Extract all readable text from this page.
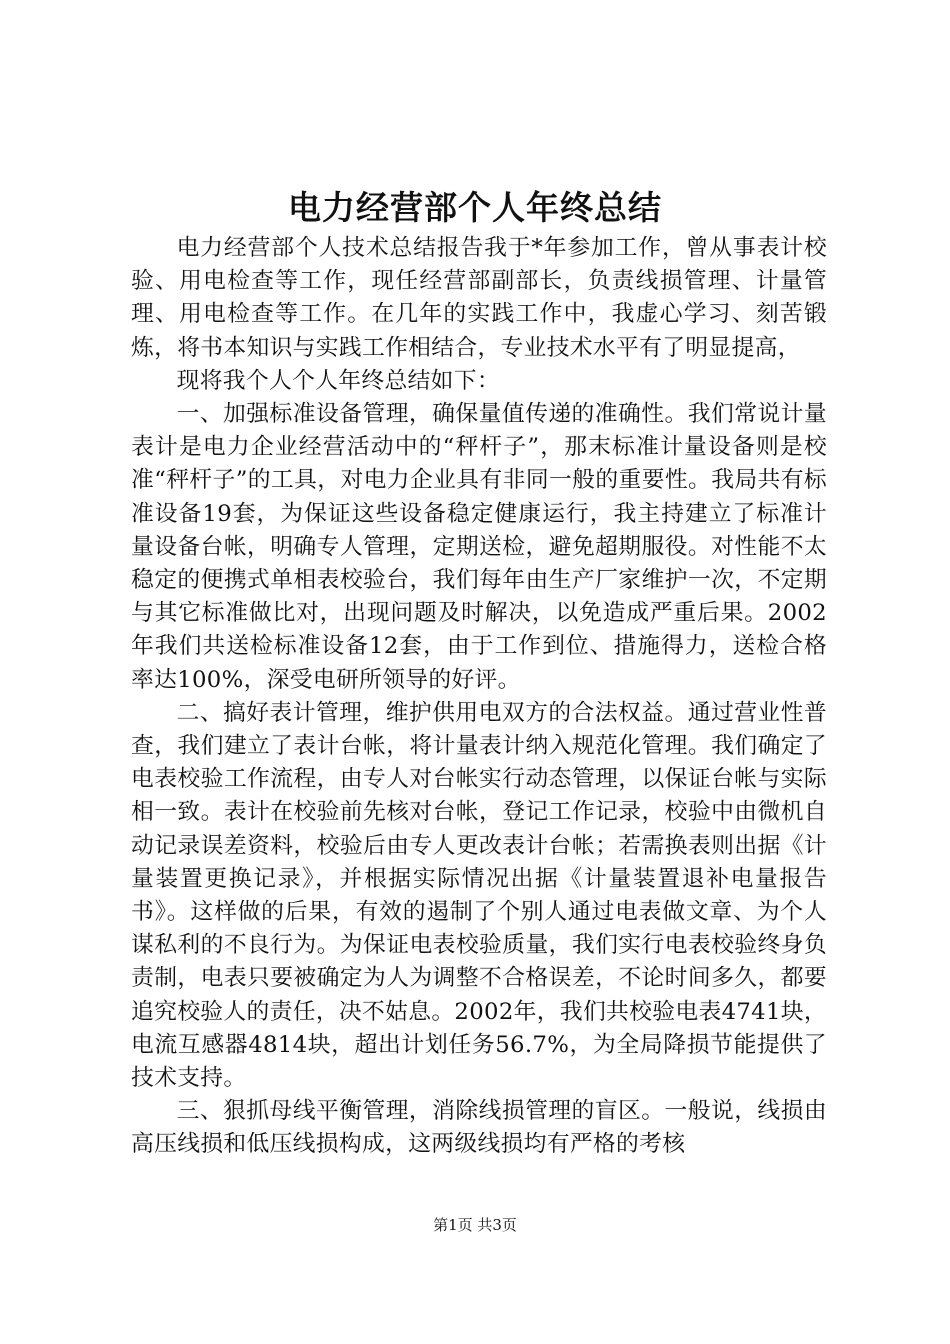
电力经营部个人年终总结

电力经营部个人技术总结报告我于*年参加工作，曾从事表计校验、用电检查等工作，现任经营部副部长，负责线损管理、计量管理、用电检查等工作。在几年的实践工作中，我虚心学习、刻苦锻炼，将书本知识与实践工作相结合，专业技术水平有了明显提高，

现将我个人个人年终总结如下：

一、加强标准设备管理，确保量值传递的准确性。我们常说计量表计是电力企业经营活动中的“秤杆子”，那末标准计量设备则是校准“秤杆子”的工具，对电力企业具有非同一般的重要性。我局共有标准设备19套，为保证这些设备稳定健康运行，我主持建立了标准计量设备台帐，明确专人管理，定期送检，避免超期服役。对性能不太稳定的便携式单相表校验台，我们每年由生产厂家维护一次，不定期与其它标准做比对，出现问题及时解决，以免造成严重后果。2002年我们共送检标准设备12套，由于工作到位、措施得力，送检合格率达100%，深受电研所领导的好评。

二、搞好表计管理，维护供用电双方的合法权益。通过营业性普查，我们建立了表计台帐，将计量表计纳入规范化管理。我们确定了电表校验工作流程，由专人对台帐实行动态管理，以保证台帐与实际相一致。表计在校验前先核对台帐，登记工作记录，校验中由微机自动记录误差资料，校验后由专人更改表计台帐；若需换表则出据《计量装置更换记录》，并根据实际情况出据《计量装置退补电量报告书》。这样做的后果，有效的遏制了个别人通过电表做文章、为个人谋私利的不良行为。为保证电表校验质量，我们实行电表校验终身负责制，电表只要被确定为人为调整不合格误差，不论时间多久，都要追究校验人的责任，决不姑息。2002年，我们共校验电表4741块，电流互感器4814块，超出计划任务56.7%，为全局降损节能提供了技术支持。

三、狠抓母线平衡管理，消除线损管理的盲区。一般说，线损由高压线损和低压线损构成，这两级线损均有严格的考核

第1页 共3页
